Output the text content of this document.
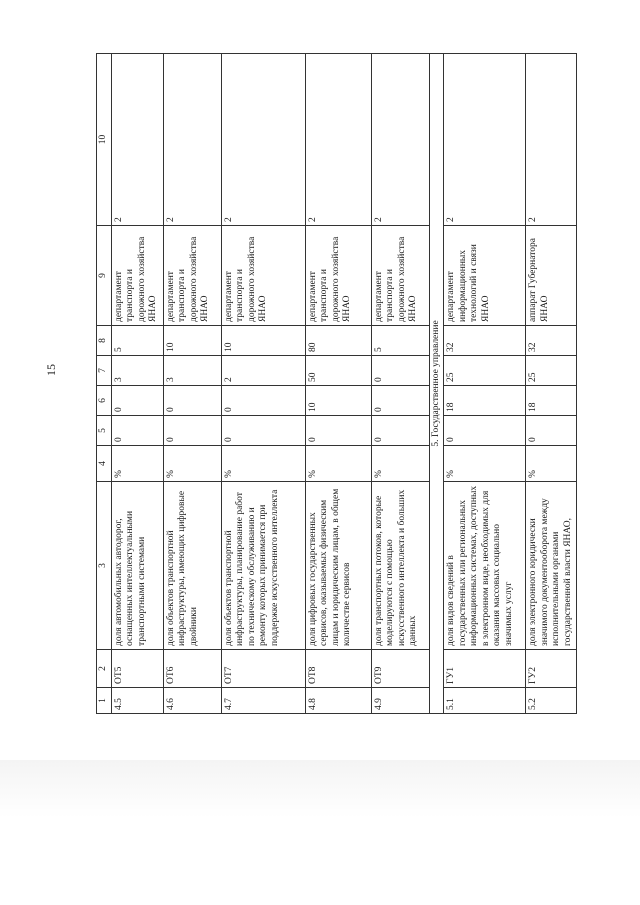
15
1	2	3	4	5	6	7	8	9	10
4.5	ОТ5	доля автомобильных автодорог, оснащенных интеллектуальными транспортными системами	%	0	0	3	5	департамент транспорта и дорожного хозяйства ЯНАО	2
4.6	ОТ6	доля объектов транспортной инфраструктуры, имеющих цифровые двойники	%	0	0	3	10	департамент транспорта и дорожного хозяйства ЯНАО	2
4.7	ОТ7	доля объектов транспортной инфраструктуры, планирование работ по техническому обслуживанию и ремонту которых принимается при поддержке искусственного интеллекта	%	0	0	2	10	департамент транспорта и дорожного хозяйства ЯНАО	2
4.8	ОТ8	доля цифровых государственных сервисов, оказываемых физическим лицам и юридическим лицам, в общем количестве сервисов	%	0	10	50	80	департамент транспорта и дорожного хозяйства ЯНАО	2
4.9	ОТ9	доля транспортных потоков, которые моделируются с помощью искусственного интеллекта и больших данных	%	0	0	0	5	департамент транспорта и дорожного хозяйства ЯНАО	2
5. Государственное управление									
5.1	ГУ1	доля видов сведений в государственных или региональных информационных системах, доступных в электронном виде, необходимых для оказания массовых социально значимых услуг	%	0	18	25	32	департамент информационных технологий и связи ЯНАО	2
5.2	ГУ2	доля электронного юридически значимого документооборота между исполнительными органами государственной власти ЯНАО,	%	0	18	25	32	аппарат Губернатора ЯНАО	2
